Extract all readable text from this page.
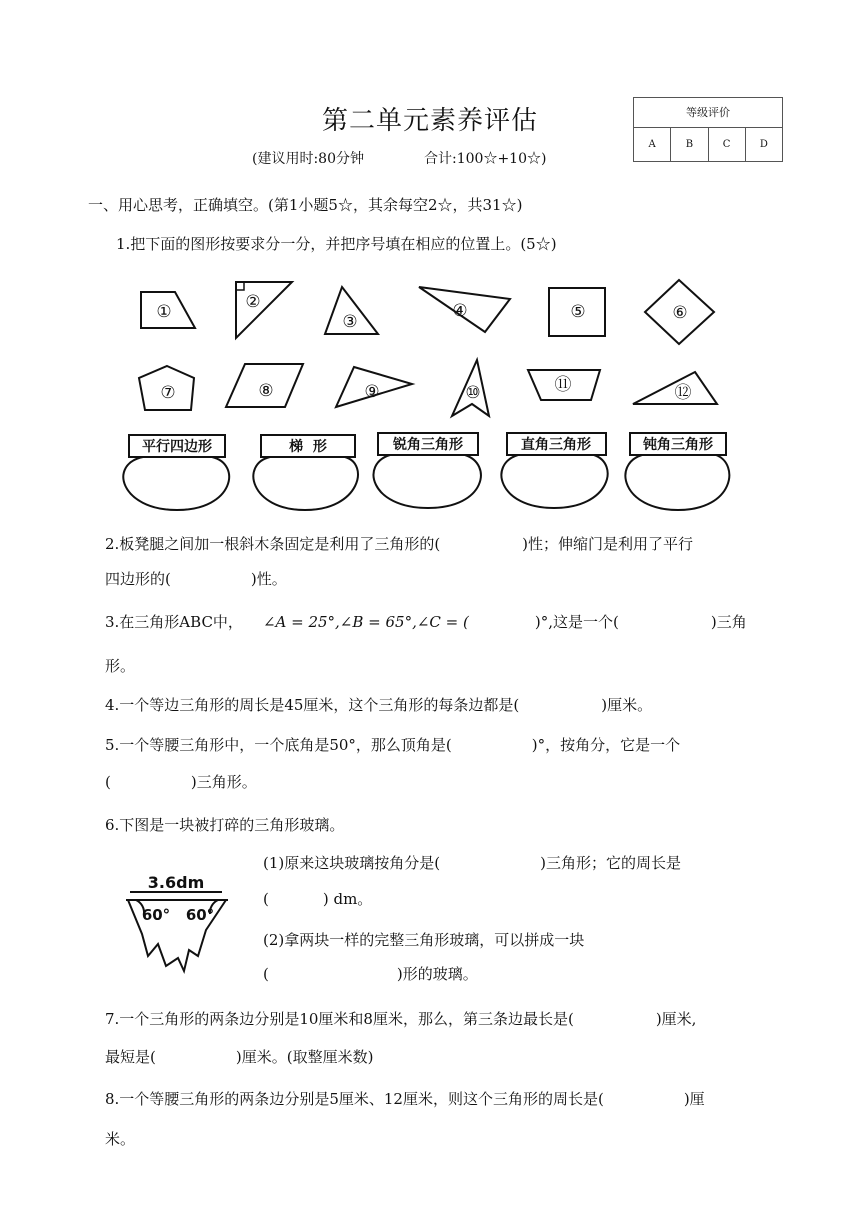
第二单元素养评估
(建议用时:80分钟	合计:100☆+10☆)
等级评价
A	B	C	D
一、用心思考，正确填空。(第1小题5☆，其余每空2☆，共31☆)
1.把下面的图形按要求分一分，并把序号填在相应的位置上。(5☆)
①	②
③
④	⑤	⑥
⑦	⑧	⑨	⑩	⑪	⑫
平行四边形	梯  形	锐角三角形	直角三角形	钝角三角形
2.板凳腿之间加一根斜木条固定是利用了三角形的(	)性；伸缩门是利用了平行
四边形的(	)性。
3.在三角形ABC中， ∠A = 25°,∠B = 65°,∠C = (	)°,这是一个(	)三角
形。
4.一个等边三角形的周长是45厘米，这个三角形的每条边都是(	)厘米。
5.一个等腰三角形中，一个底角是50°，那么顶角是(	)°，按角分，它是一个
(	)三角形。
6.下图是一块被打碎的三角形玻璃。
3.6dm
60° 60°
(1)原来这块玻璃按角分是(	)三角形；它的周长是
(	) dm。
(2)拿两块一样的完整三角形玻璃，可以拼成一块
(	)形的玻璃。
7.一个三角形的两条边分别是10厘米和8厘米，那么，第三条边最长是(	)厘米,
最短是(	)厘米。(取整厘米数)
8.一个等腰三角形的两条边分别是5厘米、12厘米，则这个三角形的周长是(	)厘
米。
